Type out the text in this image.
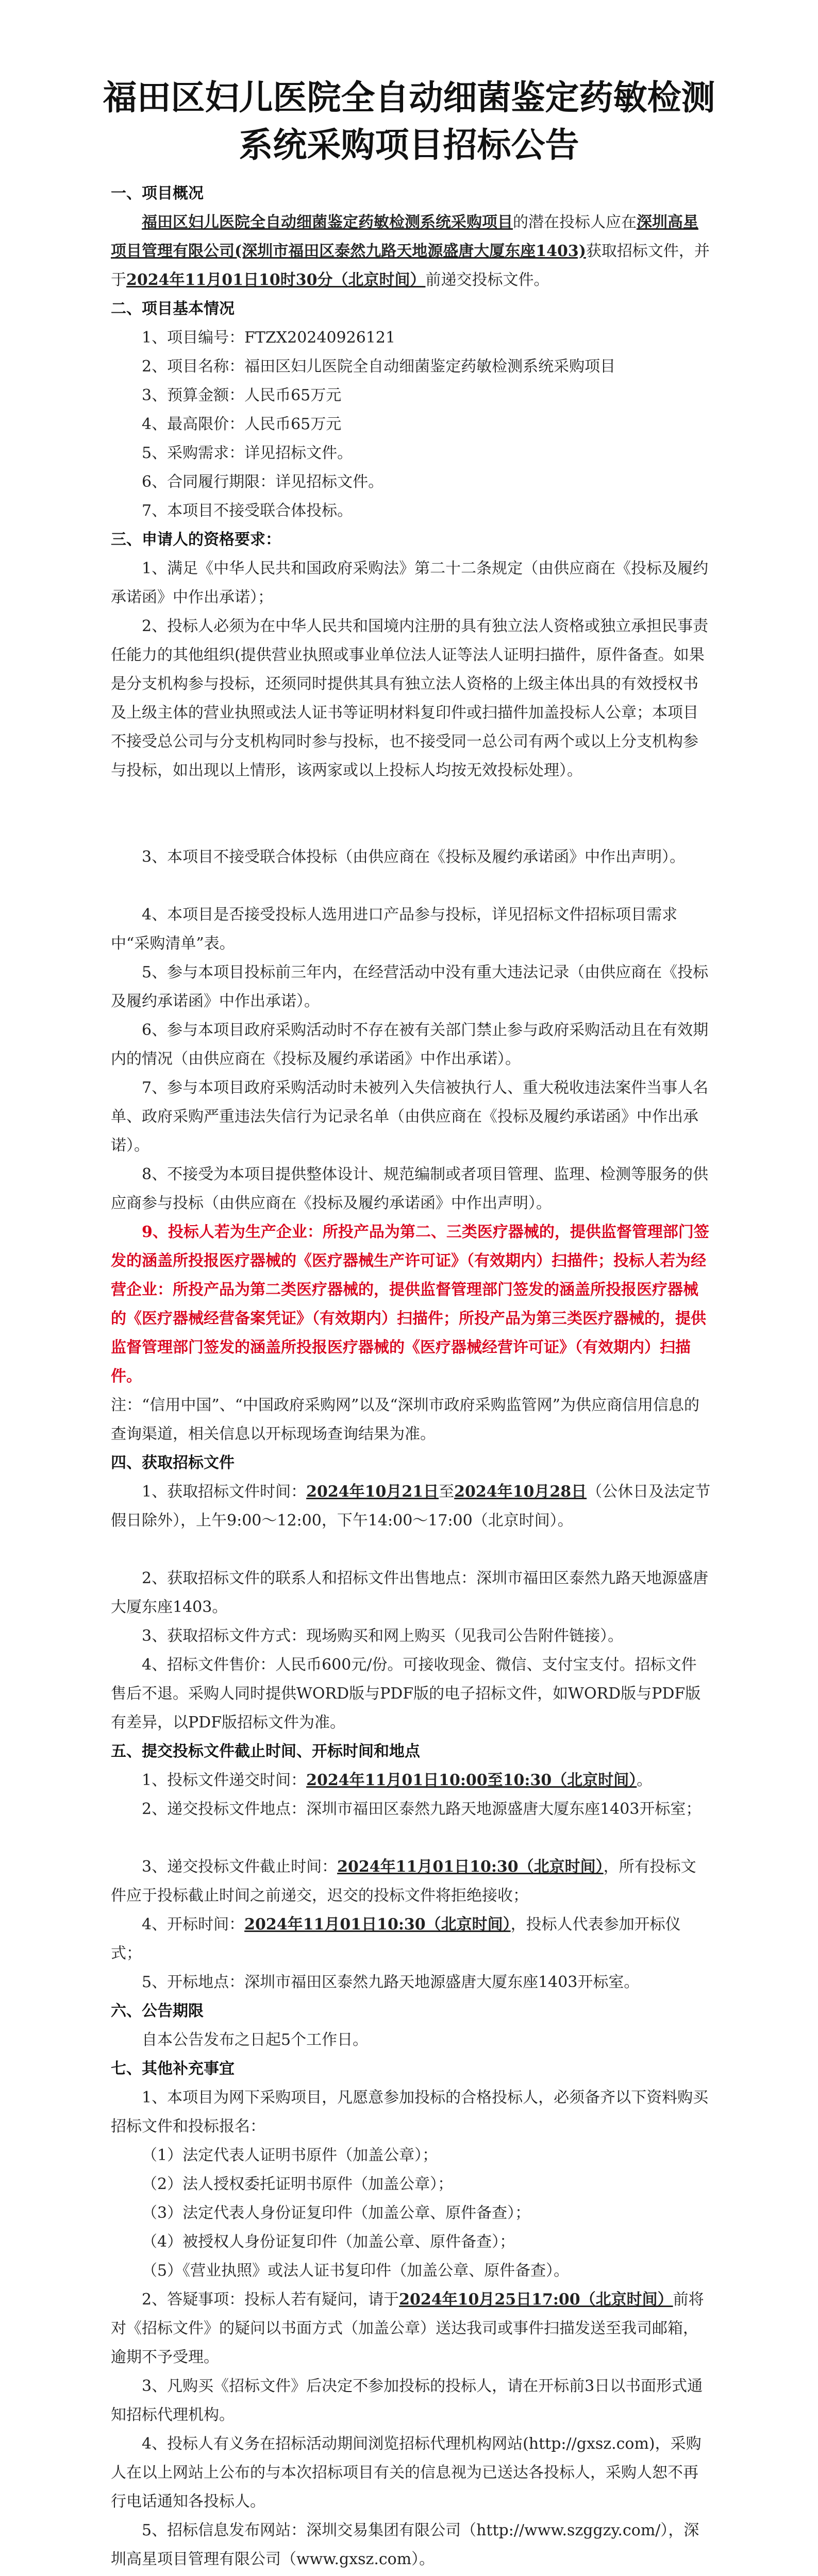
福田区妇儿医院全自动细菌鉴定药敏检测
系统采购项目招标公告

一、项目概况

福田区妇儿医院全自动细菌鉴定药敏检测系统采购项目的潜在投标人应在深圳高星项目管理有限公司(深圳市福田区泰然九路天地源盛唐大厦东座1403)获取招标文件，并于2024年11月01日10时30分（北京时间）前递交投标文件。

二、项目基本情况

1、项目编号：FTZX20240926121

2、项目名称：福田区妇儿医院全自动细菌鉴定药敏检测系统采购项目

3、预算金额：人民币65万元

4、最高限价：人民币65万元

5、采购需求：详见招标文件。

6、合同履行期限：详见招标文件。

7、本项目不接受联合体投标。

三、申请人的资格要求：

1、满足《中华人民共和国政府采购法》第二十二条规定（由供应商在《投标及履约承诺函》中作出承诺）；

2、投标人必须为在中华人民共和国境内注册的具有独立法人资格或独立承担民事责任能力的其他组织(提供营业执照或事业单位法人证等法人证明扫描件，原件备查。如果是分支机构参与投标，还须同时提供其具有独立法人资格的上级主体出具的有效授权书及上级主体的营业执照或法人证书等证明材料复印件或扫描件加盖投标人公章；本项目不接受总公司与分支机构同时参与投标，也不接受同一总公司有两个或以上分支机构参与投标，如出现以上情形，该两家或以上投标人均按无效投标处理）。

3、本项目不接受联合体投标（由供应商在《投标及履约承诺函》中作出声明）。

4、本项目是否接受投标人选用进口产品参与投标，详见招标文件招标项目需求中“采购清单”表。

5、参与本项目投标前三年内，在经营活动中没有重大违法记录（由供应商在《投标及履约承诺函》中作出承诺）。

6、参与本项目政府采购活动时不存在被有关部门禁止参与政府采购活动且在有效期内的情况（由供应商在《投标及履约承诺函》中作出承诺）。

7、参与本项目政府采购活动时未被列入失信被执行人、重大税收违法案件当事人名单、政府采购严重违法失信行为记录名单（由供应商在《投标及履约承诺函》中作出承诺）。

8、不接受为本项目提供整体设计、规范编制或者项目管理、监理、检测等服务的供应商参与投标（由供应商在《投标及履约承诺函》中作出声明）。

9、投标人若为生产企业：所投产品为第二、三类医疗器械的，提供监督管理部门签发的涵盖所投报医疗器械的《医疗器械生产许可证》（有效期内）扫描件；投标人若为经营企业：所投产品为第二类医疗器械的，提供监督管理部门签发的涵盖所投报医疗器械的《医疗器械经营备案凭证》（有效期内）扫描件；所投产品为第三类医疗器械的，提供监督管理部门签发的涵盖所投报医疗器械的《医疗器械经营许可证》（有效期内）扫描件。

注：“信用中国”、“中国政府采购网”以及“深圳市政府采购监管网”为供应商信用信息的查询渠道，相关信息以开标现场查询结果为准。

四、获取招标文件

1、获取招标文件时间：2024年10月21日至2024年10月28日（公休日及法定节假日除外），上午9:00～12:00，下午14:00～17:00（北京时间）。

2、获取招标文件的联系人和招标文件出售地点：深圳市福田区泰然九路天地源盛唐大厦东座1403。

3、获取招标文件方式：现场购买和网上购买（见我司公告附件链接）。

4、招标文件售价：人民币600元/份。可接收现金、微信、支付宝支付。招标文件售后不退。采购人同时提供WORD版与PDF版的电子招标文件，如WORD版与PDF版有差异，以PDF版招标文件为准。

五、提交投标文件截止时间、开标时间和地点

1、投标文件递交时间：2024年11月01日10:00至10:30（北京时间）。

2、递交投标文件地点：深圳市福田区泰然九路天地源盛唐大厦东座1403开标室；

3、递交投标文件截止时间：2024年11月01日10:30（北京时间），所有投标文件应于投标截止时间之前递交，迟交的投标文件将拒绝接收；

4、开标时间：2024年11月01日10:30（北京时间），投标人代表参加开标仪式；

5、开标地点：深圳市福田区泰然九路天地源盛唐大厦东座1403开标室。

六、公告期限

自本公告发布之日起5个工作日。

七、其他补充事宜

1、本项目为网下采购项目，凡愿意参加投标的合格投标人，必须备齐以下资料购买招标文件和投标报名：

（1）法定代表人证明书原件（加盖公章）；

（2）法人授权委托证明书原件（加盖公章）；

（3）法定代表人身份证复印件（加盖公章、原件备查）；

（4）被授权人身份证复印件（加盖公章、原件备查）；

（5）《营业执照》或法人证书复印件（加盖公章、原件备查）。

2、答疑事项：投标人若有疑问，请于2024年10月25日17:00（北京时间）前将对《招标文件》的疑问以书面方式（加盖公章）送达我司或事件扫描发送至我司邮箱，逾期不予受理。

3、凡购买《招标文件》后决定不参加投标的投标人，请在开标前3日以书面形式通知招标代理机构。

4、投标人有义务在招标活动期间浏览招标代理机构网站(http://gxsz.com)，采购人在以上网站上公布的与本次招标项目有关的信息视为已送达各投标人，采购人恕不再行电话通知各投标人。

5、招标信息发布网站：深圳交易集团有限公司（http://www.szggzy.com/），深圳高星项目管理有限公司（www.gxsz.com）。
